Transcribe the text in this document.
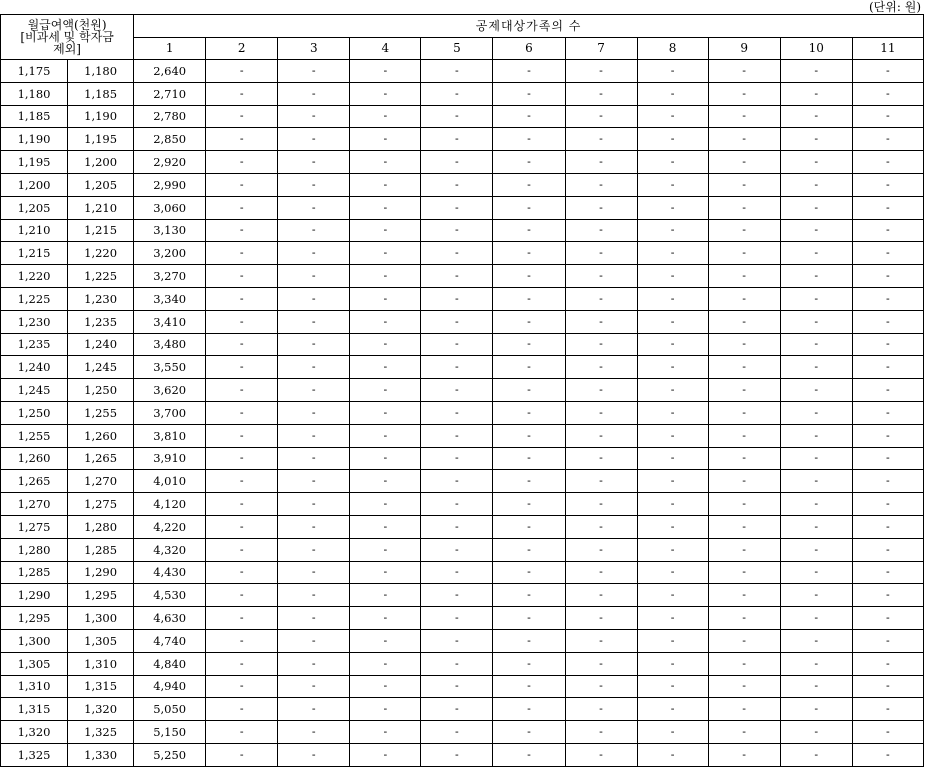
(단위: 원)
월급여액(천원)
[비과세 및 학자금
제외]		공제대상가족의 수										
		1	2	3	4	5	6	7	8	9	10	11
1,175	1,180	2,640	-	-	-	-	-	-	-	-	-	-
1,180	1,185	2,710	-	-	-	-	-	-	-	-	-	-
1,185	1,190	2,780	-	-	-	-	-	-	-	-	-	-
1,190	1,195	2,850	-	-	-	-	-	-	-	-	-	-
1,195	1,200	2,920	-	-	-	-	-	-	-	-	-	-
1,200	1,205	2,990	-	-	-	-	-	-	-	-	-	-
1,205	1,210	3,060	-	-	-	-	-	-	-	-	-	-
1,210	1,215	3,130	-	-	-	-	-	-	-	-	-	-
1,215	1,220	3,200	-	-	-	-	-	-	-	-	-	-
1,220	1,225	3,270	-	-	-	-	-	-	-	-	-	-
1,225	1,230	3,340	-	-	-	-	-	-	-	-	-	-
1,230	1,235	3,410	-	-	-	-	-	-	-	-	-	-
1,235	1,240	3,480	-	-	-	-	-	-	-	-	-	-
1,240	1,245	3,550	-	-	-	-	-	-	-	-	-	-
1,245	1,250	3,620	-	-	-	-	-	-	-	-	-	-
1,250	1,255	3,700	-	-	-	-	-	-	-	-	-	-
1,255	1,260	3,810	-	-	-	-	-	-	-	-	-	-
1,260	1,265	3,910	-	-	-	-	-	-	-	-	-	-
1,265	1,270	4,010	-	-	-	-	-	-	-	-	-	-
1,270	1,275	4,120	-	-	-	-	-	-	-	-	-	-
1,275	1,280	4,220	-	-	-	-	-	-	-	-	-	-
1,280	1,285	4,320	-	-	-	-	-	-	-	-	-	-
1,285	1,290	4,430	-	-	-	-	-	-	-	-	-	-
1,290	1,295	4,530	-	-	-	-	-	-	-	-	-	-
1,295	1,300	4,630	-	-	-	-	-	-	-	-	-	-
1,300	1,305	4,740	-	-	-	-	-	-	-	-	-	-
1,305	1,310	4,840	-	-	-	-	-	-	-	-	-	-
1,310	1,315	4,940	-	-	-	-	-	-	-	-	-	-
1,315	1,320	5,050	-	-	-	-	-	-	-	-	-	-
1,320	1,325	5,150	-	-	-	-	-	-	-	-	-	-
1,325	1,330	5,250	-	-	-	-	-	-	-	-	-	-
